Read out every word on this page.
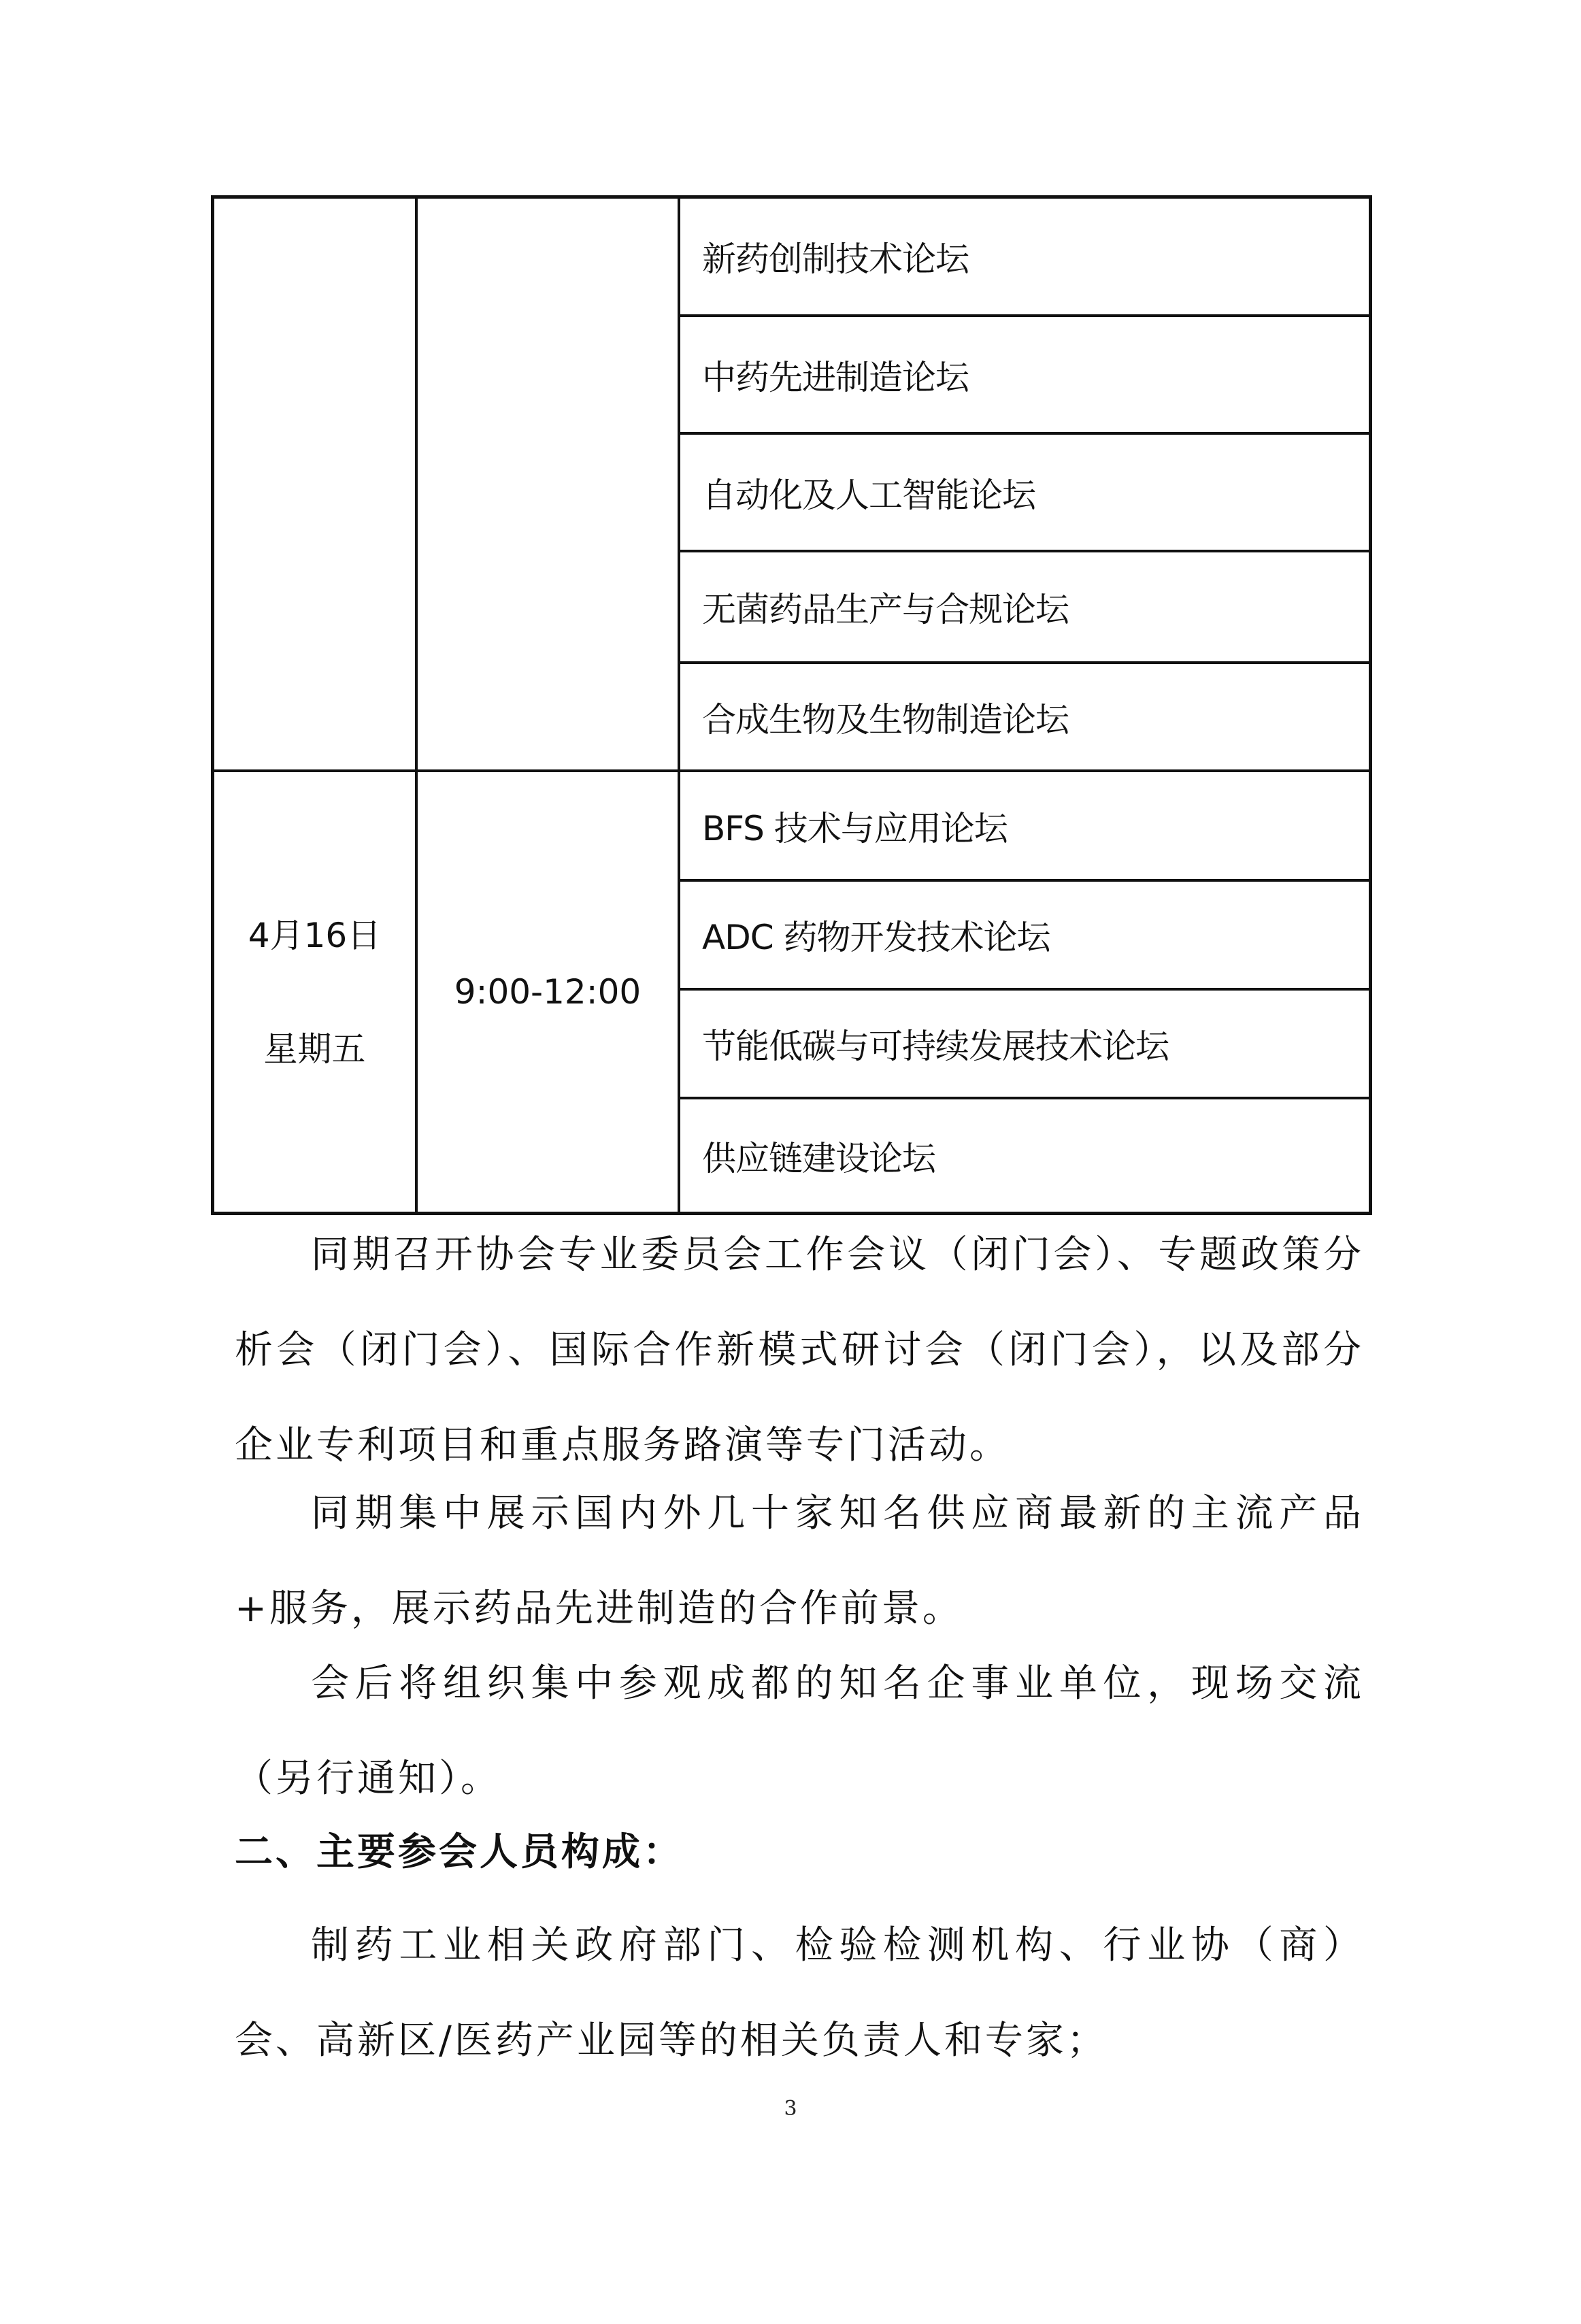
新药创制技术论坛
中药先进制造论坛
自动化及人工智能论坛
无菌药品生产与合规论坛
合成生物及生物制造论坛
4月16日
星期五
9:00-12:00
BFS 技术与应用论坛
ADC 药物开发技术论坛
节能低碳与可持续发展技术论坛
供应链建设论坛

同期召开协会专业委员会工作会议（闭门会）、专题政策分析会（闭门会）、国际合作新模式研讨会（闭门会），以及部分企业专利项目和重点服务路演等专门活动。

同期集中展示国内外几十家知名供应商最新的主流产品+服务，展示药品先进制造的合作前景。

会后将组织集中参观成都的知名企事业单位，现场交流（另行通知）。

二、主要参会人员构成：

制药工业相关政府部门、检验检测机构、行业协（商）会、高新区/医药产业园等的相关负责人和专家；

3
